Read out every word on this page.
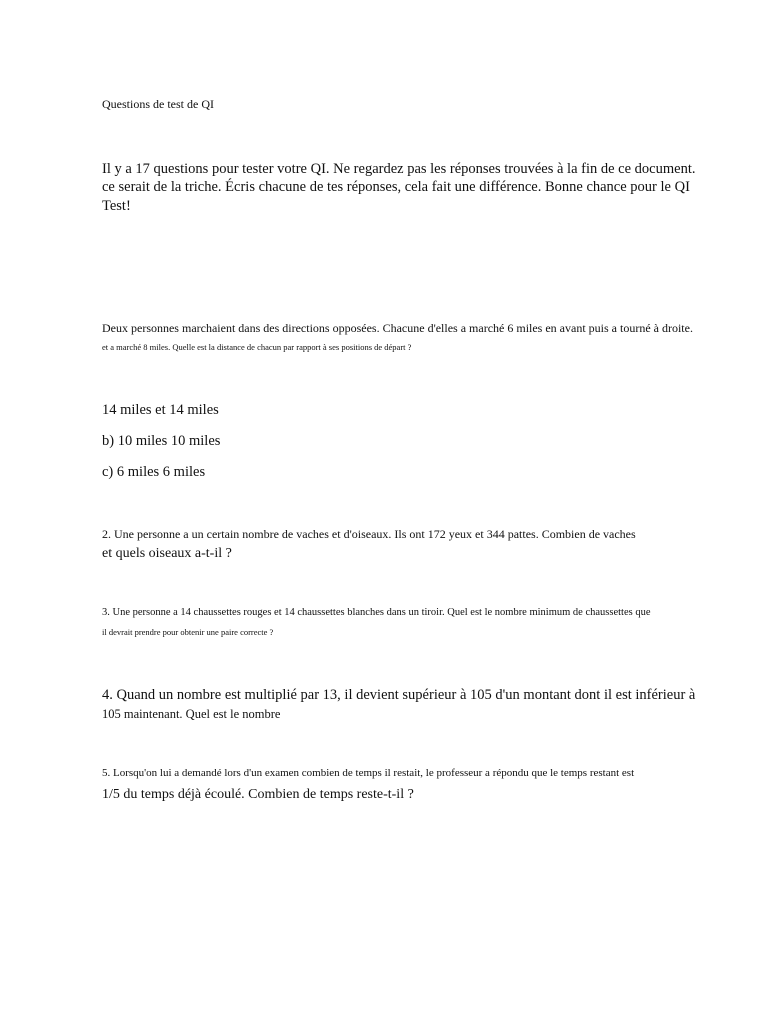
Questions de test de QI
Il y a 17 questions pour tester votre QI. Ne regardez pas les réponses trouvées à la fin de ce document.
ce serait de la triche. Écris chacune de tes réponses, cela fait une différence. Bonne chance pour le QI
Test!
Deux personnes marchaient dans des directions opposées. Chacune d'elles a marché 6 miles en avant puis a tourné à droite.
et a marché 8 miles. Quelle est la distance de chacun par rapport à ses positions de départ ?
14 miles et 14 miles
b) 10 miles 10 miles
c) 6 miles 6 miles
2. Une personne a un certain nombre de vaches et d'oiseaux. Ils ont 172 yeux et 344 pattes. Combien de vaches
et quels oiseaux a-t-il ?
3. Une personne a 14 chaussettes rouges et 14 chaussettes blanches dans un tiroir. Quel est le nombre minimum de chaussettes que
il devrait prendre pour obtenir une paire correcte ?
4. Quand un nombre est multiplié par 13, il devient supérieur à 105 d'un montant dont il est inférieur à
105 maintenant. Quel est le nombre
5. Lorsqu'on lui a demandé lors d'un examen combien de temps il restait, le professeur a répondu que le temps restant est
1/5 du temps déjà écoulé. Combien de temps reste-t-il ?
